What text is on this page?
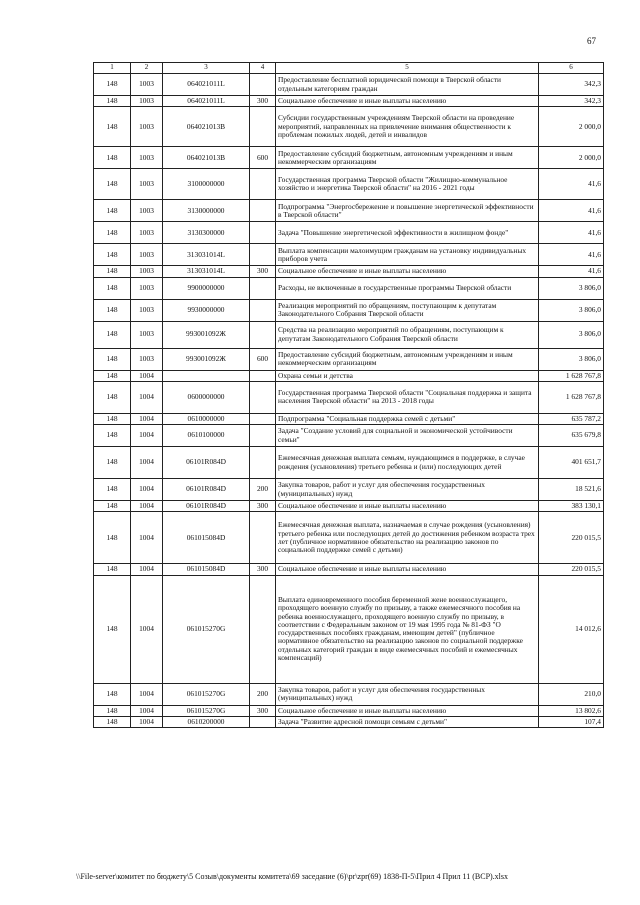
67
1	2	3	4	5	6
148	1003	064021011L		Предоставление бесплатной юридической помощи в Тверской области отдельным категориям граждан	342,3
148	1003	064021011L	300	Социальное обеспечение и иные выплаты населению	342,3
148	1003	064021013В		Субсидии государственным учреждениям Тверской области на проведение мероприятий, направленных на привлечение внимания общественности к проблемам пожилых людей, детей и инвалидов	2 000,0
148	1003	064021013В	600	Предоставление субсидий бюджетным, автономным учреждениям и иным некоммерческим организациям	2 000,0
148	1003	3100000000		Государственная программа Тверской области "Жилищно-коммунальное хозяйство и энергетика Тверской области" на 2016 - 2021 годы	41,6
148	1003	3130000000		Подпрограмма "Энергосбережение и повышение энергетической эффективности в Тверской области"	41,6
148	1003	3130300000		Задача "Повышение энергетической эффективности в жилищном фонде"	41,6
148	1003	313031014L		Выплата компенсации малоимущим гражданам на установку индивидуальных приборов учета	41,6
148	1003	313031014L	300	Социальное обеспечение и иные выплаты населению	41,6
148	1003	9900000000		Расходы, не включенные в государственные программы Тверской области	3 806,0
148	1003	9930000000		Реализация мероприятий по обращениям, поступающим к депутатам Законодательного Собрания Тверской области	3 806,0
148	1003	993001092Ж		Средства на реализацию мероприятий по обращениям, поступающим к депутатам Законодательного Собрания Тверской области	3 806,0
148	1003	993001092Ж	600	Предоставление субсидий бюджетным, автономным учреждениям и иным некоммерческим организациям	3 806,0
148	1004			Охрана семьи и детства	1 628 767,8
148	1004	0600000000		Государственная программа Тверской области "Социальная поддержка и защита населения Тверской области" на 2013 - 2018 годы	1 628 767,8
148	1004	0610000000		Подпрограмма "Социальная поддержка семей с детьми"	635 787,2
148	1004	0610100000		Задача "Создание условий для социальной и экономической устойчивости семьи"	635 679,8
148	1004	06101R084D		Ежемесячная денежная выплата семьям, нуждающимся в поддержке, в случае рождения (усыновления) третьего ребенка и (или) последующих детей	401 651,7
148	1004	06101R084D	200	Закупка товаров, работ и услуг для обеспечения государственных (муниципальных) нужд	18 521,6
148	1004	06101R084D	300	Социальное обеспечение и иные выплаты населению	383 130,1
148	1004	061015084D		Ежемесячная денежная выплата, назначаемая в случае рождения (усыновления) третьего ребенка или последующих детей до достижения ребенком возраста трех лет (публичное нормативное обязательство на реализацию законов по социальной поддержке семей с детьми)	220 015,5
148	1004	061015084D	300	Социальное обеспечение и иные выплаты населению	220 015,5
148	1004	061015270G		Выплата единовременного пособия беременной жене военнослужащего, проходящего военную службу по призыву, а также ежемесячного пособия на ребенка военнослужащего, проходящего военную службу по призыву, в соответствии с Федеральным законом от 19 мая 1995 года № 81-ФЗ "О государственных пособиях гражданам, имеющим детей" (публичное нормативное обязательство на реализацию законов по социальной поддержке отдельных категорий граждан в виде ежемесячных пособий и ежемесячных компенсаций)	14 012,6
148	1004	061015270G	200	Закупка товаров, работ и услуг для обеспечения государственных (муниципальных) нужд	210,0
148	1004	061015270G	300	Социальное обеспечение и иные выплаты населению	13 802,6
148	1004	0610200000		Задача "Развитие адресной помощи семьям с детьми"	107,4
\\File-server\комитет по бюджету\5 Созыв\документы комитета\69 заседание (6)\pr\zpr(69) 1838-П-5\Прил 4 Прил 11 (ВСР).xlsx
